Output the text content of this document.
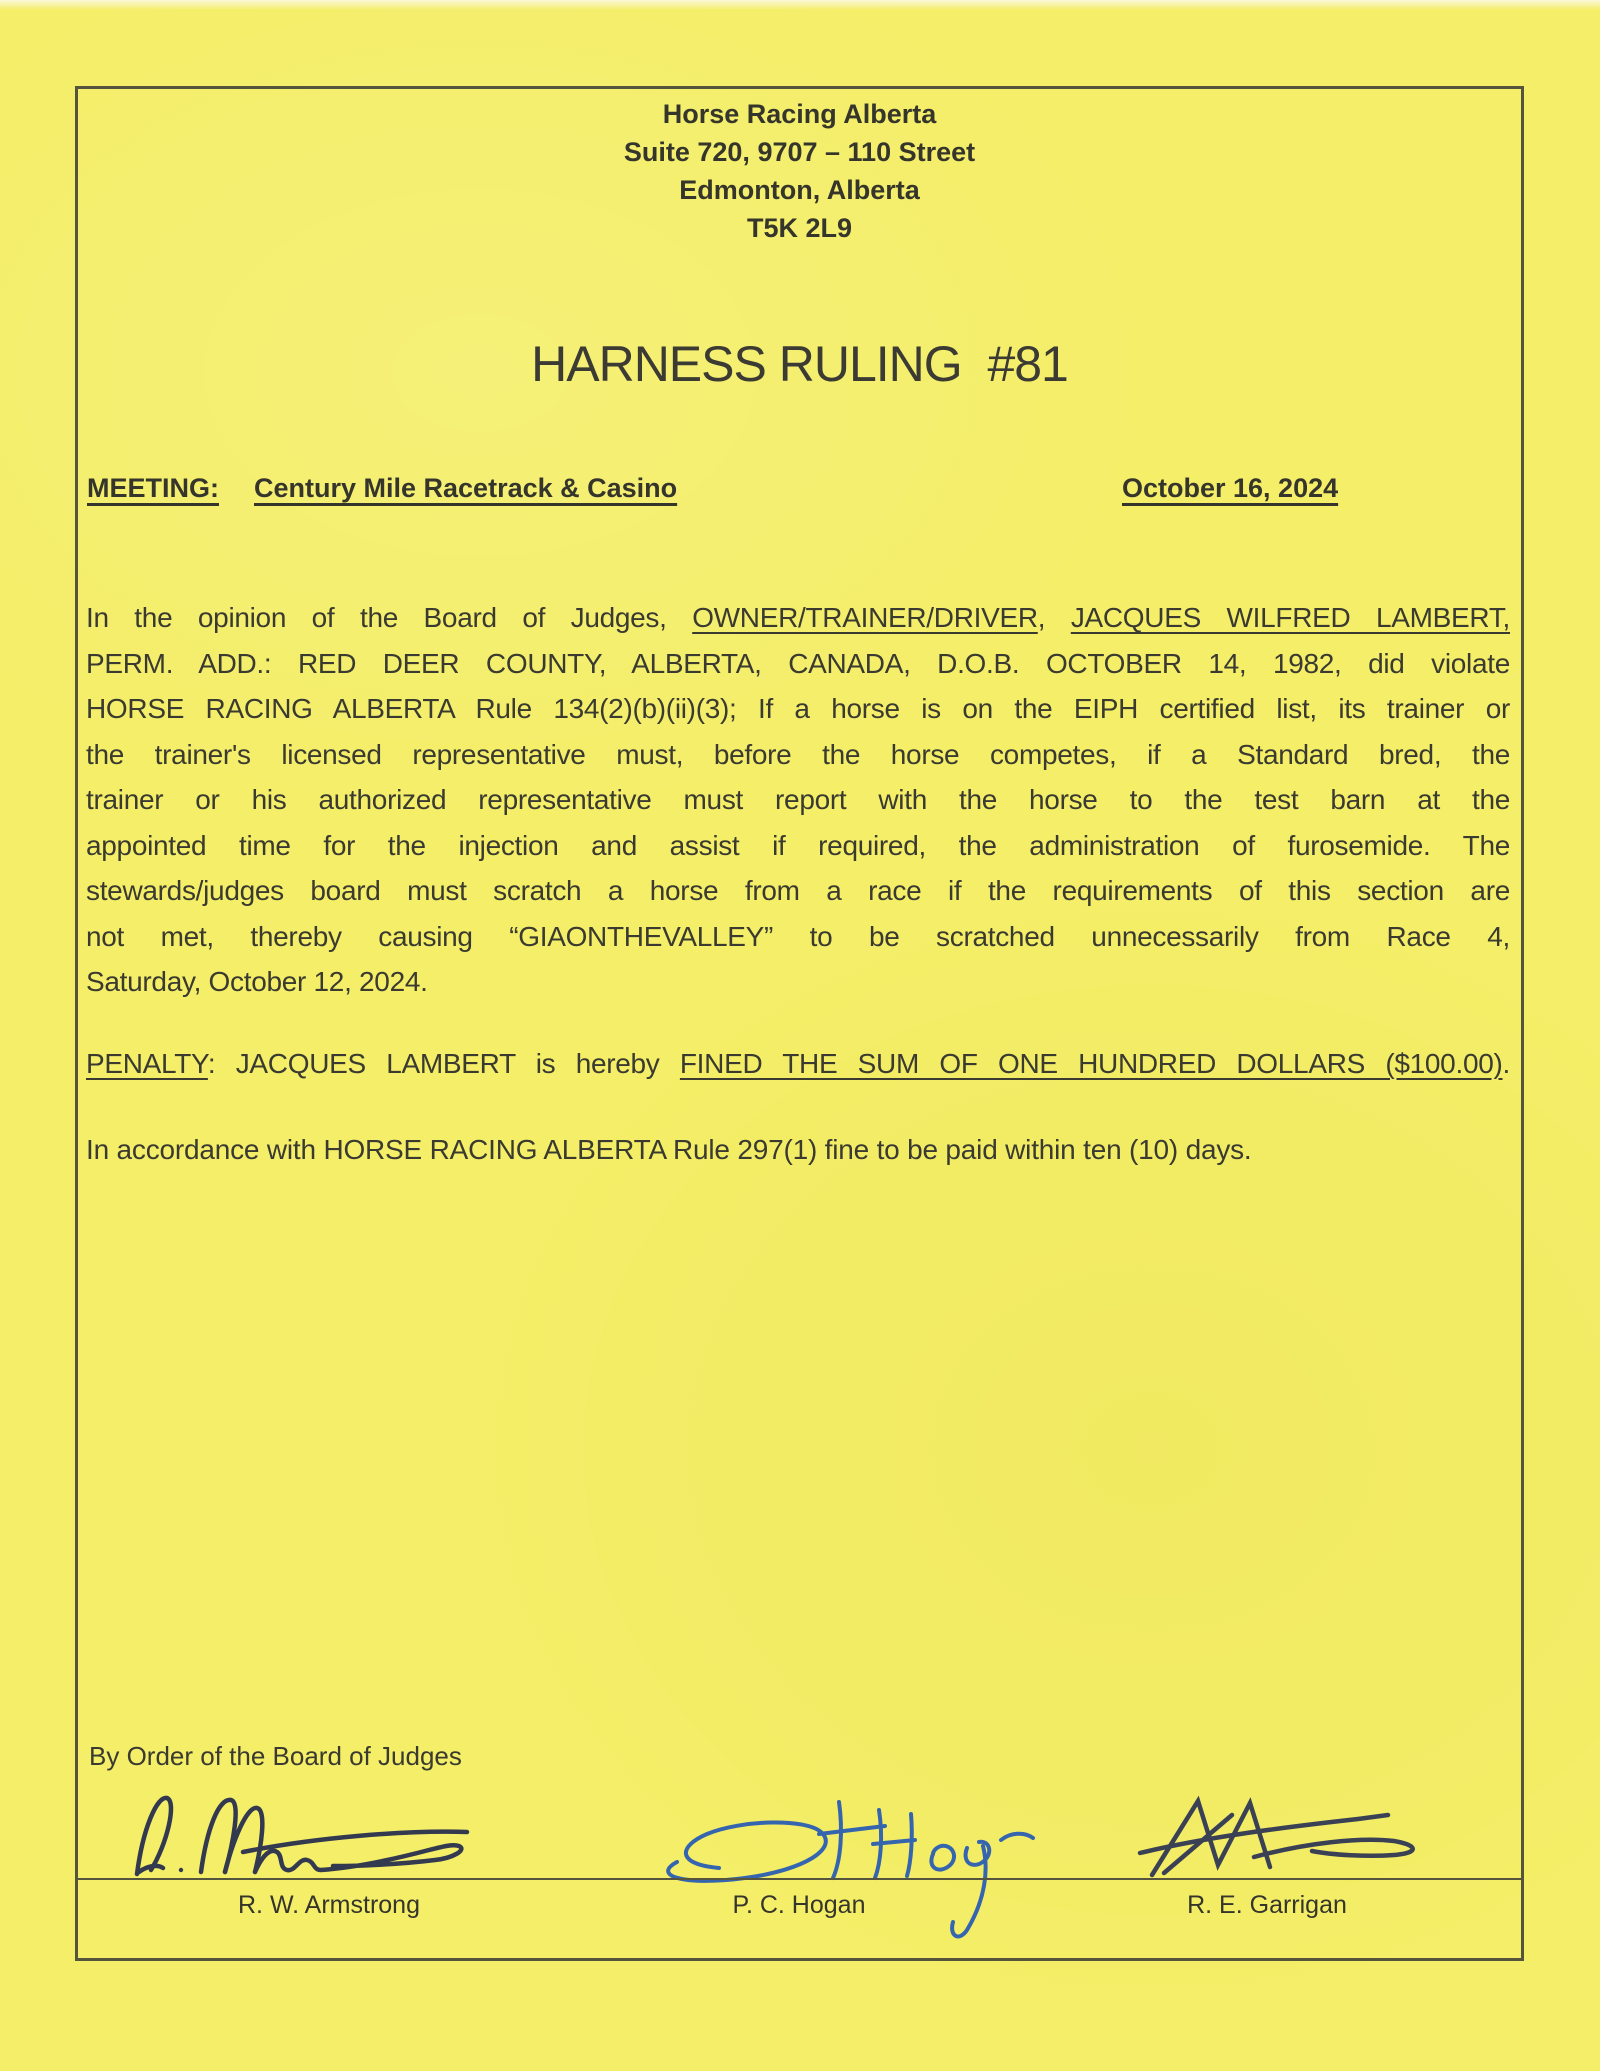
Horse Racing Alberta
Suite 720, 9707 – 110 Street
Edmonton, Alberta
T5K 2L9
HARNESS RULING  #81
MEETING: Century Mile Racetrack & Casino	October 16, 2024
In the opinion of the Board of Judges, OWNER/TRAINER/DRIVER, JACQUES WILFRED LAMBERT,
PERM. ADD.: RED DEER COUNTY, ALBERTA, CANADA, D.O.B. OCTOBER 14, 1982, did violate
HORSE RACING ALBERTA Rule 134(2)(b)(ii)(3); If a horse is on the EIPH certified list, its trainer or
the trainer's licensed representative must, before the horse competes, if a Standard bred, the
trainer or his authorized representative must report with the horse to the test barn at the
appointed time for the injection and assist if required, the administration of furosemide. The
stewards/judges board must scratch a horse from a race if the requirements of this section are
not met, thereby causing “GIAONTHEVALLEY” to be scratched unnecessarily from Race 4,
Saturday, October 12, 2024.
PENALTY: JACQUES LAMBERT is hereby FINED THE SUM OF ONE HUNDRED DOLLARS ($100.00).
In accordance with HORSE RACING ALBERTA Rule 297(1) fine to be paid within ten (10) days.
By Order of the Board of Judges
R. W. Armstrong	P. C. Hogan	R. E. Garrigan
